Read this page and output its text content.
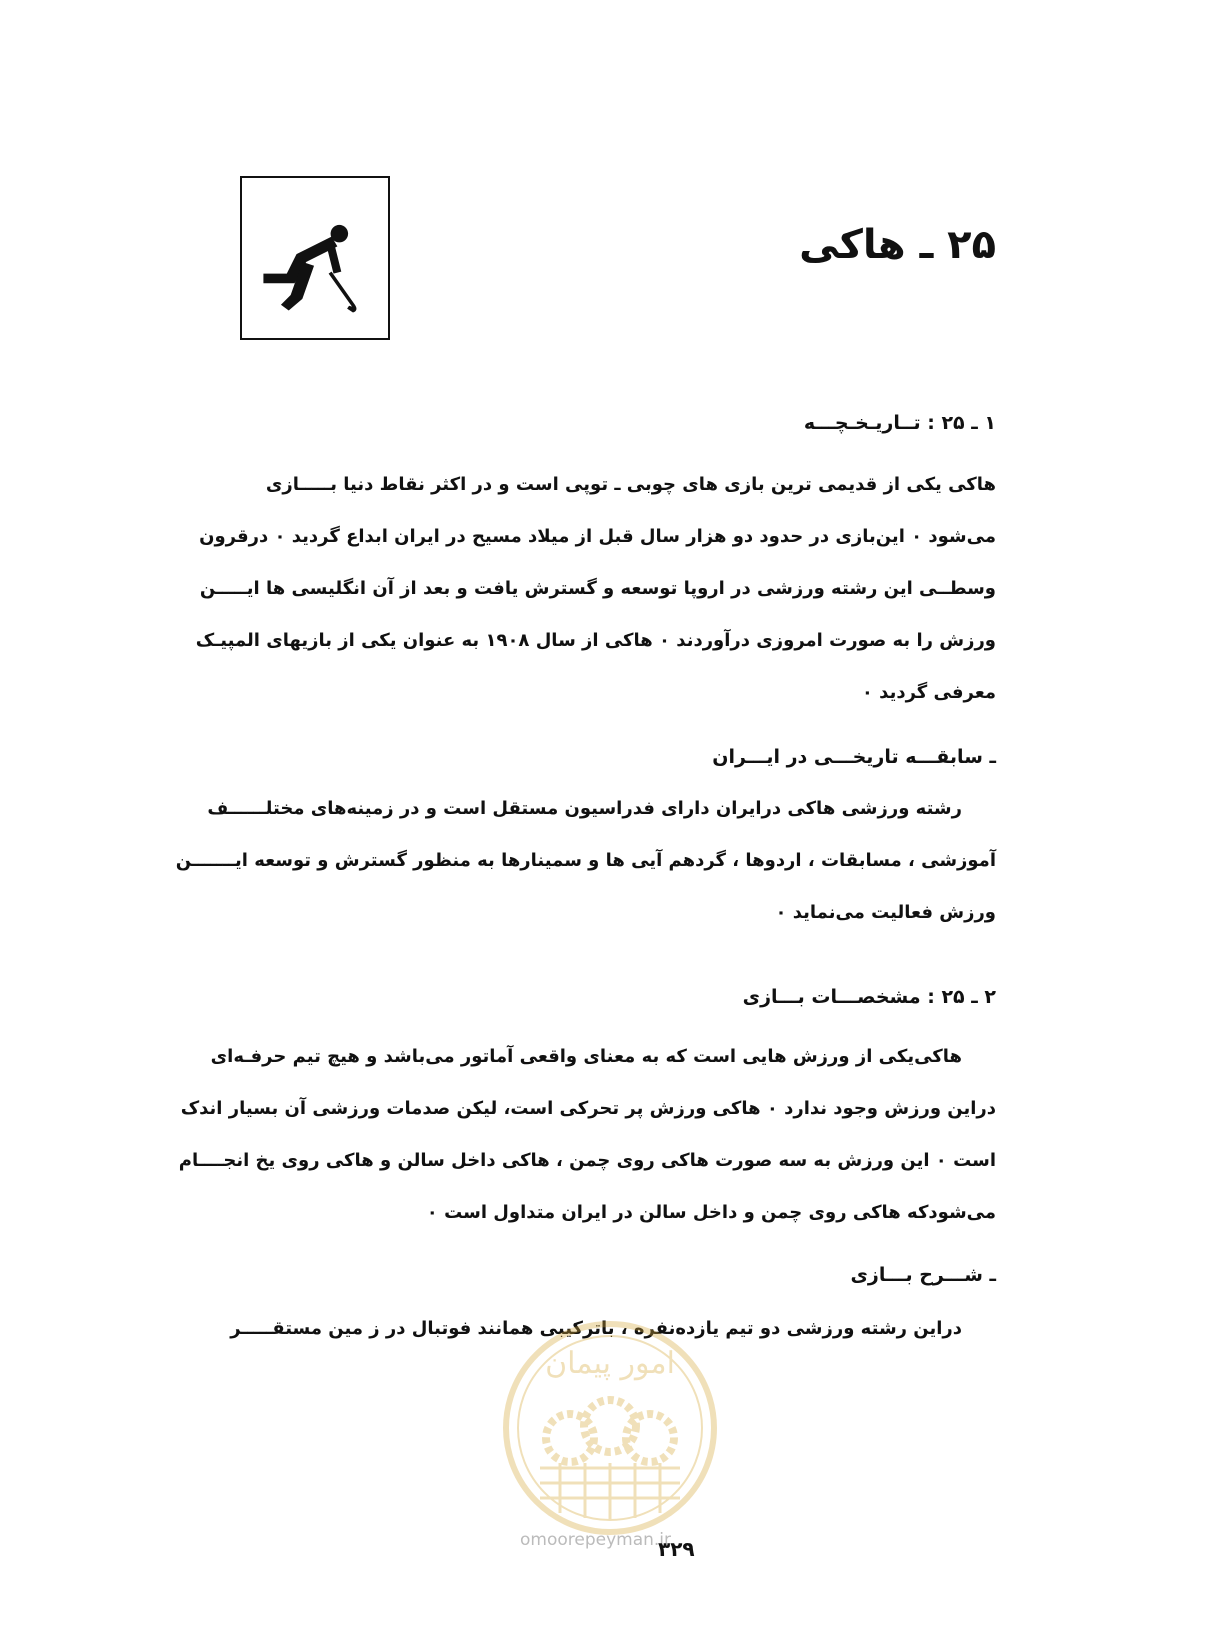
۲۵ ـ هاکی
۱ ـ ۲۵ : تــاریـخـچـــه
هاکی یکی از قدیمی ترین بازی های چوبی ـ توپی است و در اکثر نقاط دنیا بـــــازی
می‌شود ۰ این‌بازی در حدود دو هزار سال قبل از میلاد مسیح در ایران ابداع گردید ۰ درقرون
وسطــی این رشته ورزشی در اروپا توسعه و گسترش یافت و بعد از آن انگلیسی ها ایـــــن
ورزش را به صورت امروزی درآوردند ۰ هاکی از سال ۱۹۰۸ به عنوان یکی از بازیهای المپیـک
معرفی گردید ۰
ـ سابقـــه تاریخـــی در ایـــران
رشته ورزشی هاکی درایران دارای فدراسیون مستقل است و در زمینه‌های مختلــــــف
آموزشی ، مسابقات ، اردوها ، گردهم آیی ها و سمینارها به منظور گسترش و توسعه ایـــــــن
ورزش فعالیت می‌نماید ۰
۲ ـ ۲۵ : مشخصـــات بـــازی
هاکی‌یکی از ورزش هایی است که به معنای واقعی آماتور می‌باشد و هیچ تیم حرفـه‌ای
دراین ورزش وجود ندارد ۰ هاکی ورزش پر تحرکی است، لیکن صدمات ورزشی آن بسیار اندک
است ۰ این ورزش به سه صورت هاکی روی چمن ، هاکی داخل سالن و هاکی روی یخ انجــــام
می‌شودکه هاکی روی چمن و داخل سالن در ایران متداول است ۰
ـ شـــرح بـــازی
دراین رشته ورزشی دو تیم یازده‌نفره ، باترکیبی همانند فوتبال در ز مین مستقـــــر
امور پیمان
omoorepeyman.ir
۳۲۹
